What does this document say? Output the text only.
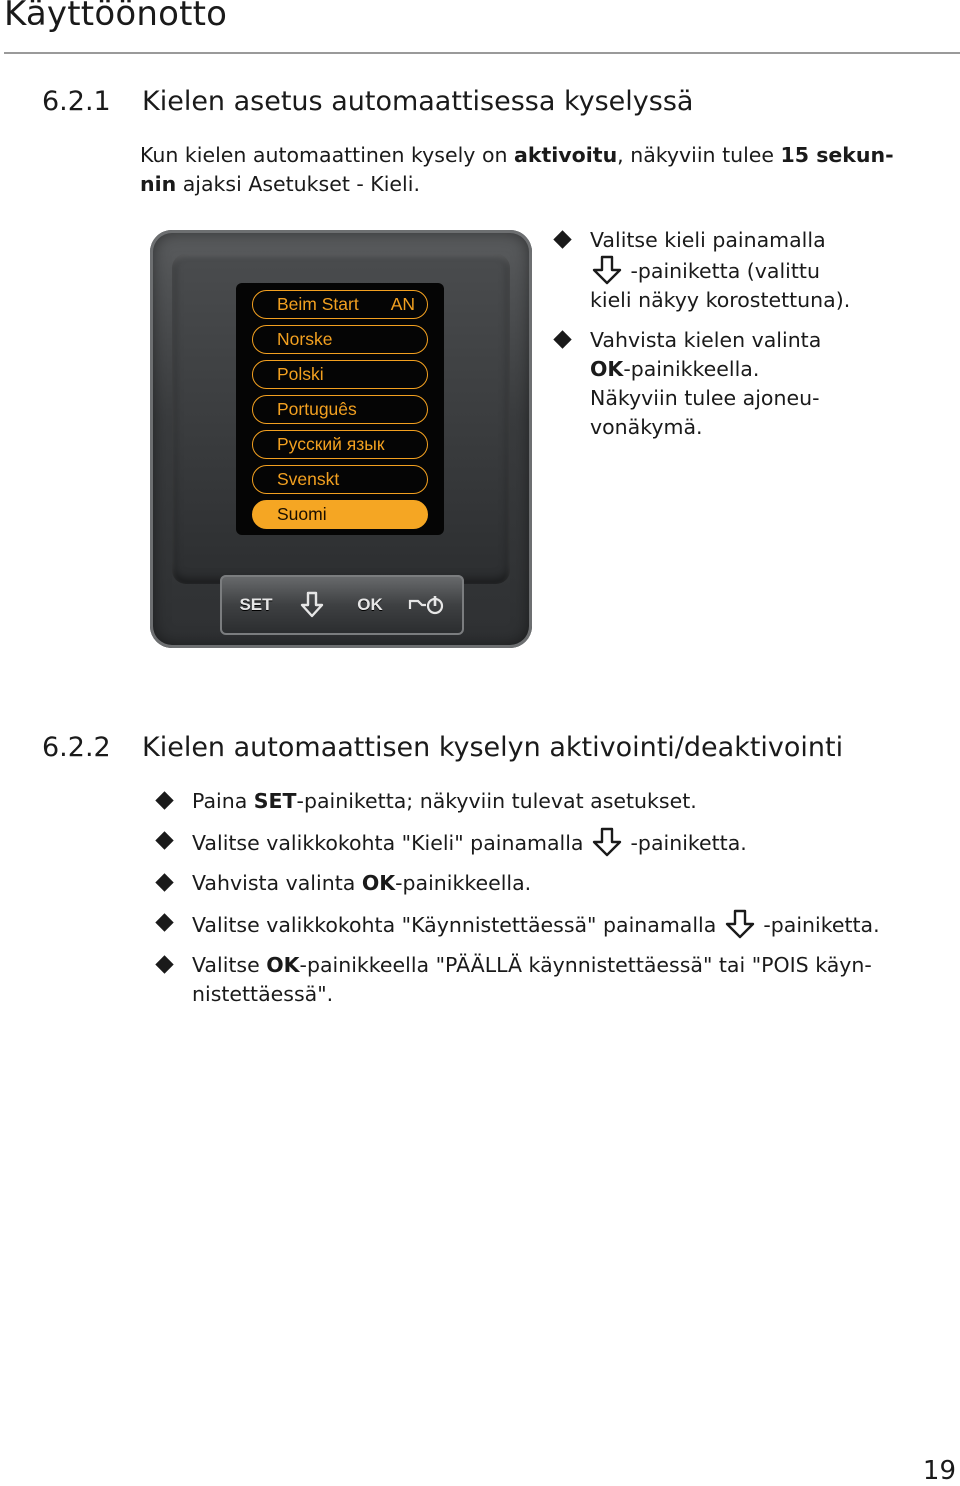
Käyttöönotto
6.2.1 Kielen asetus automaattisessa kyselyssä

Kun kielen automaattinen kysely on aktivoitu, näkyviin tulee 15 sekun-
nin ajaksi Asetukset - Kieli.

Beim Start AN
Norske
Polski
Português
Русский язык
Svenskt
Suomi
SET	OK
Valitse kieli painamalla

-painiketta (valittu
kieli näkyy korostettuna).
Vahvista kielen valinta
OK-painikkeella.
Näkyviin tulee ajoneu-
vonäkymä.
6.2.2 Kielen automaattisen kyselyn aktivointi/deaktivointi
Paina SET-painiketta; näkyviin tulevat asetukset.
Valitse valikkokohta "Kieli" painamalla
-painiketta.
Vahvista valinta OK-painikkeella.
Valitse valikkokohta "Käynnistettäessä" painamalla
-painiketta.
Valitse OK-painikkeella "PÄÄLLÄ käynnistettäessä" tai "POIS käyn-
nistettäessä".
19
